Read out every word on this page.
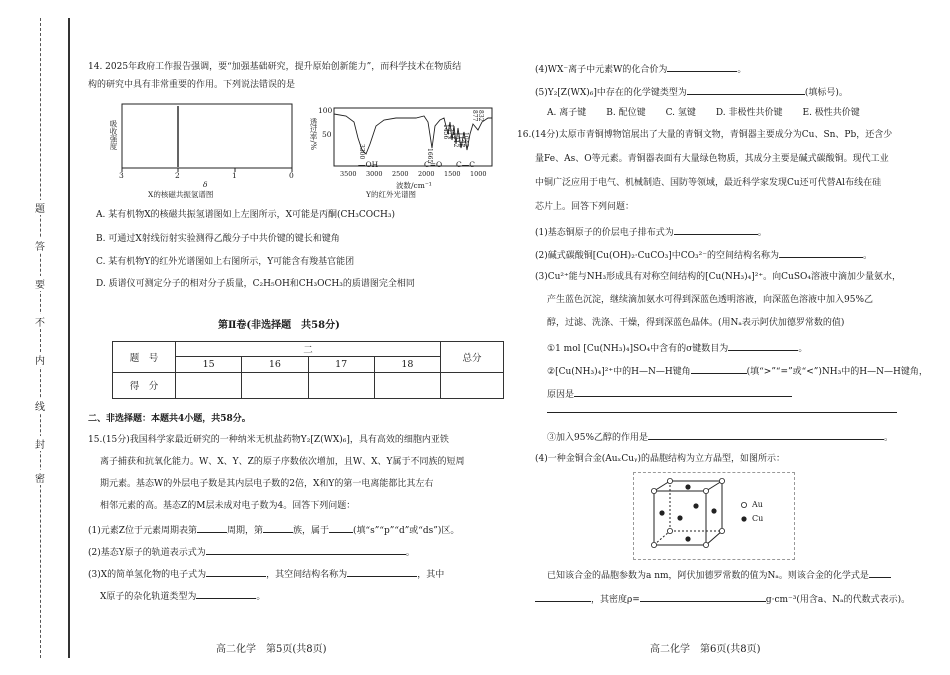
题
答
要
不
内
线
封
密
14. 2025年政府工作报告强调，要“加强基础研究，提升原始创新能力”，而科学技术在物质结
构的研究中具有非常重要的作用。下列说法错误的是
吸收强度
3	2	1	0
δ
X的核磁共振氢谱图
透过率/%
100
50
3300	1665
1456
1374
1212
1136
1042
877 832
—OH	C=O C—C
3500 3000 2500 2000 1500 1000
波数/cm⁻¹
Y的红外光谱图
A. 某有机物X的核磁共振氢谱图如上左图所示，X可能是丙酮(CH₃COCH₃)
B. 可通过X射线衍射实验测得乙酸分子中共价键的键长和键角
C. 某有机物Y的红外光谱图如上右图所示，Y可能含有羧基官能团
D. 质谱仪可测定分子的相对分子质量，C₂H₅OH和CH₃OCH₃的质谱图完全相同
第Ⅱ卷(非选择题　共58分)
题　号	二				总分
	15	16	17	18	
得　分					
二、非选择题：本题共4小题，共58分。
15.(15分)我国科学家最近研究的一种纳米无机盐药物Y₂[Z(WX)₆]，具有高效的细胞内亚铁
离子捕获和抗氧化能力。W、X、Y、Z的原子序数依次增加，且W、X、Y属于不同族的短周
期元素。基态W的外层电子数是其内层电子数的2倍，X和Y的第一电离能都比其左右
相邻元素的高。基态Z的M层未成对电子数为4。回答下列问题：
(1)元素Z位于元素周期表第	周期，第	族，属于	(填“s”“p”“d”或“ds”)区。
(2)基态Y原子的轨道表示式为	。
(3)X的简单氢化物的电子式为	，其空间结构名称为	，其中
X原子的杂化轨道类型为	。
高二化学　第5页(共8页)
(4)WX⁻离子中元素W的化合价为	。
(5)Y₂[Z(WX)₆]中存在的化学键类型为	(填标号)。
A. 离子键 B. 配位键 C. 氢键 D. 非极性共价键 E. 极性共价键
16.(14分)太原市青铜博物馆展出了大量的青铜文物，青铜器主要成分为Cu、Sn、Pb，还含少
量Fe、As、O等元素。青铜器表面有大量绿色物质，其成分主要是碱式碳酸铜。现代工业
中铜广泛应用于电气、机械制造、国防等领域，最近科学家发现Cu还可代替Al布线在硅
芯片上。回答下列问题：
(1)基态铜原子的价层电子排布式为	。
(2)碱式碳酸铜[Cu(OH)₂·CuCO₃]中CO₃²⁻的空间结构名称为	。
(3)Cu²⁺能与NH₃形成具有对称空间结构的[Cu(NH₃)₄]²⁺。向CuSO₄溶液中滴加少量氨水，
产生蓝色沉淀，继续滴加氨水可得到深蓝色透明溶液，向深蓝色溶液中加入95%乙
醇，过滤、洗涤、干燥，得到深蓝色晶体。(用Nₐ表示阿伏加德罗常数的值)
①1 mol [Cu(NH₃)₄]SO₄中含有的σ键数目为	。
②[Cu(NH₃)₄]²⁺中的H—N—H键角	(填“>”“=”或“<”)NH₃中的H—N—H键角，
原因是
③加入95%乙醇的作用是	。
(4)一种金铜合金(AuₓCuᵧ)的晶胞结构为立方晶型，如图所示：
Au
Cu
已知该合金的晶胞参数为a nm，阿伏加德罗常数的值为Nₐ。则该合金的化学式是
，其密度ρ=	g·cm⁻³(用含a、Nₐ的代数式表示)。
高二化学　第6页(共8页)
